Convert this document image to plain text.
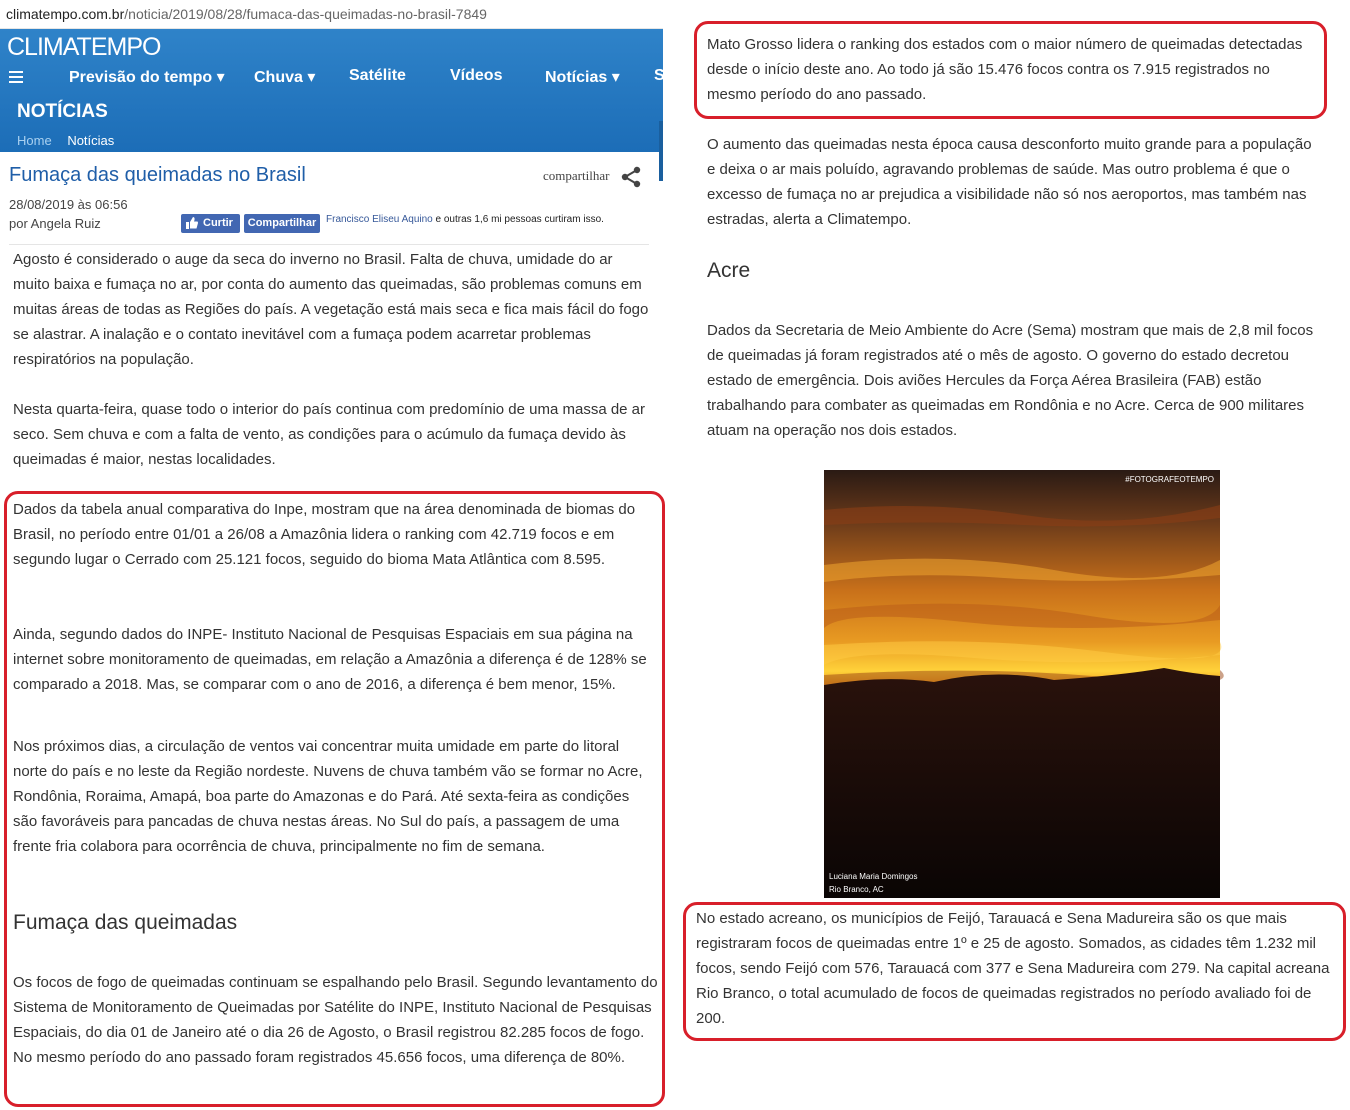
climatempo.com.br/noticia/2019/08/28/fumaca-das-queimadas-no-brasil-7849
CLIMATEMPO
Previsão do tempo ▾ Chuva ▾ Satélite	Vídeos	Notícias ▾ S
NOTÍCIAS
Home Notícias
Fumaça das queimadas no Brasil	compartilhar
28/08/2019 às 06:56
por Angela Ruiz	Curtir	Compartilhar Francisco Eliseu Aquino e outras 1,6 mi pessoas curtiram isso.

Agosto é considerado o auge da seca do inverno no Brasil. Falta de chuva, umidade do ar muito baixa e fumaça no ar, por conta do aumento das queimadas, são problemas comuns em muitas áreas de todas as Regiões do país. A vegetação está mais seca e fica mais fácil do fogo se alastrar. A inalação e o contato inevitável com a fumaça podem acarretar problemas respiratórios na população.

Nesta quarta-feira, quase todo o interior do país continua com predomínio de uma massa de ar seco. Sem chuva e com a falta de vento, as condições para o acúmulo da fumaça devido às queimadas é maior, nestas localidades.

Dados da tabela anual comparativa do Inpe, mostram que na área denominada de biomas do Brasil, no período entre 01/01 a 26/08 a Amazônia lidera o ranking com 42.719 focos e em segundo lugar o Cerrado com 25.121 focos, seguido do bioma Mata Atlântica com 8.595.

Ainda, segundo dados do INPE- Instituto Nacional de Pesquisas Espaciais em sua página na internet sobre monitoramento de queimadas, em relação a Amazônia a diferença é de 128% se comparado a 2018. Mas, se comparar com o ano de 2016, a diferença é bem menor, 15%.

Nos próximos dias, a circulação de ventos vai concentrar muita umidade em parte do litoral norte do país e no leste da Região nordeste. Nuvens de chuva também vão se formar no Acre, Rondônia, Roraima, Amapá, boa parte do Amazonas e do Pará. Até sexta-feira as condições são favoráveis para pancadas de chuva nestas áreas. No Sul do país, a passagem de uma frente fria colabora para ocorrência de chuva, principalmente no fim de semana.

Fumaça das queimadas

Os focos de fogo de queimadas continuam se espalhando pelo Brasil. Segundo levantamento do Sistema de Monitoramento de Queimadas por Satélite do INPE, Instituto Nacional de Pesquisas Espaciais, do dia 01 de Janeiro até o dia 26 de Agosto, o Brasil registrou 82.285 focos de fogo. No mesmo período do ano passado foram registrados 45.656 focos, uma diferença de 80%.

Mato Grosso lidera o ranking dos estados com o maior número de queimadas detectadas desde o início deste ano. Ao todo já são 15.476 focos contra os 7.915 registrados no mesmo período do ano passado.

O aumento das queimadas nesta época causa desconforto muito grande para a população e deixa o ar mais poluído, agravando problemas de saúde. Mas outro problema é que o excesso de fumaça no ar prejudica a visibilidade não só nos aeroportos, mas também nas estradas, alerta a Climatempo.

Acre

Dados da Secretaria de Meio Ambiente do Acre (Sema) mostram que mais de 2,8 mil focos de queimadas já foram registrados até o mês de agosto. O governo do estado decretou estado de emergência. Dois aviões Hercules da Força Aérea Brasileira (FAB) estão trabalhando para combater as queimadas em Rondônia e no Acre. Cerca de 900 militares atuam na operação nos dois estados.

#FOTOGRAFEOTEMPO
Luciana Maria Domingos
Rio Branco, AC

No estado acreano, os municípios de Feijó, Tarauacá e Sena Madureira são os que mais registraram focos de queimadas entre 1º e 25 de agosto. Somados, as cidades têm 1.232 mil focos, sendo Feijó com 576, Tarauacá com 377 e Sena Madureira com 279. Na capital acreana Rio Branco, o total acumulado de focos de queimadas registrados no período avaliado foi de 200.
